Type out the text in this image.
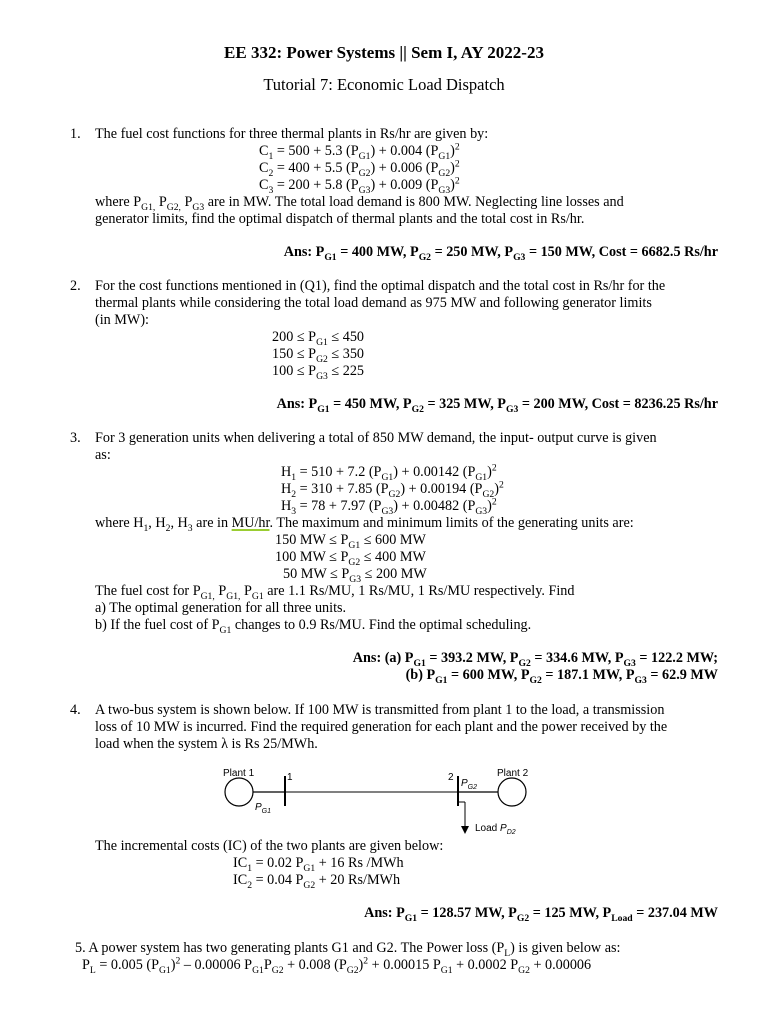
EE 332: Power Systems || Sem I, AY 2022-23
Tutorial 7: Economic Load Dispatch
1. The fuel cost functions for three thermal plants in Rs/hr are given by:
$C_1 = 500 + 5.3$ $(P_{G1}) + 0.004$ $(P_{G1})^2$
$C_2 = 400 + 5.5$ $(P_{G2}) + 0.006$ $(P_{G2})^2$
$C_3 = 200 + 5.8$ $(P_{G3}) + 0.009$ $(P_{G3})^2$
where $P_{G1,}$ $P_{G2,}$ $P_{G3}$ are in MW. The total load demand is 800 MW. Neglecting line losses and
generator limits, find the optimal dispatch of thermal plants and the total cost in Rs/hr.
Ans: $P_{G1} = 400$ MW, $P_{G2} = 250$ MW, $P_{G3} = 150$ MW, Cost = 6682.5 Rs/hr
2. For the cost functions mentioned in (Q1), find the optimal dispatch and the total cost in Rs/hr for the
thermal plants while considering the total load demand as 975 MW and following generator limits
(in MW):
$200 \le P_{G1} \le 450$
$150 \le P_{G2} \le 350$
$100 \le P_{G3} \le 225$
Ans: $P_{G1} = 450$ MW, $P_{G2} = 325$ MW, $P_{G3} = 200$ MW, Cost = 8236.25 Rs/hr
3. For 3 generation units when delivering a total of 850 MW demand, the input- output curve is given
as:
$H_1 = 510 + 7.2$ $(P_{G1}) + 0.00142$ $(P_{G1})^2$
$H_2 = 310 + 7.85$ $(P_{G2}) + 0.00194$ $(P_{G2})^2$
$H_3 = 78 + 7.97$ $(P_{G3}) + 0.00482$ $(P_{G3})^2$
where $H_1$, $H_2$, $H_3$ are in MU/hr. The maximum and minimum limits of the generating units are:
150 MW ≤ $P_{G1} \le 600$ MW
100 MW ≤ $P_{G2} \le 400$ MW
50 MW ≤ $P_{G3} \le 200$ MW
The fuel cost for $P_{G1,}$ $P_{G1,}$ $P_{G1}$ are 1.1 Rs/MU, 1 Rs/MU, 1 Rs/MU respectively. Find
a) The optimal generation for all three units.
b) If the fuel cost of $P_{G1}$ changes to 0.9 Rs/MU. Find the optimal scheduling.
Ans: (a) $P_{G1} = 393.2$ MW, $P_{G2} = 334.6$ MW, $P_{G3} = 122.2$ MW;
(b) $P_{G1} = 600$ MW, $P_{G2} = 187.1$ MW, $P_{G3} = 62.9$ MW
4. A two-bus system is shown below. If 100 MW is transmitted from plant 1 to the load, a transmission
loss of 10 MW is incurred. Find the required generation for each plant and the power received by the
load when the system λ is Rs 25/MWh.
Plant 1	1
$P_{G1}$
2
$P_{G2}$
Plant 2
Load $P_{D2}$
The incremental costs (IC) of the two plants are given below:
$IC_1 = 0.02$ $P_{G1} + 16$ Rs /MWh
$IC_2 = 0.04$ $P_{G2} + 20$ Rs/MWh
Ans: $P_{G1} = 128.57$ MW, $P_{G2} = 125$ MW, $P_{Load} = 237.04$ MW
5. A power system has two generating plants G1 and G2. The Power loss $(P_L)$ is given below as:
$P_L = 0.005$ $(P_{G1})^2 - 0.00006$ $P_{G1}P_{G2} + 0.008$ $(P_{G2})^2 + 0.00015$ $P_{G1} + 0.0002$ $P_{G2} + 0.00006$
